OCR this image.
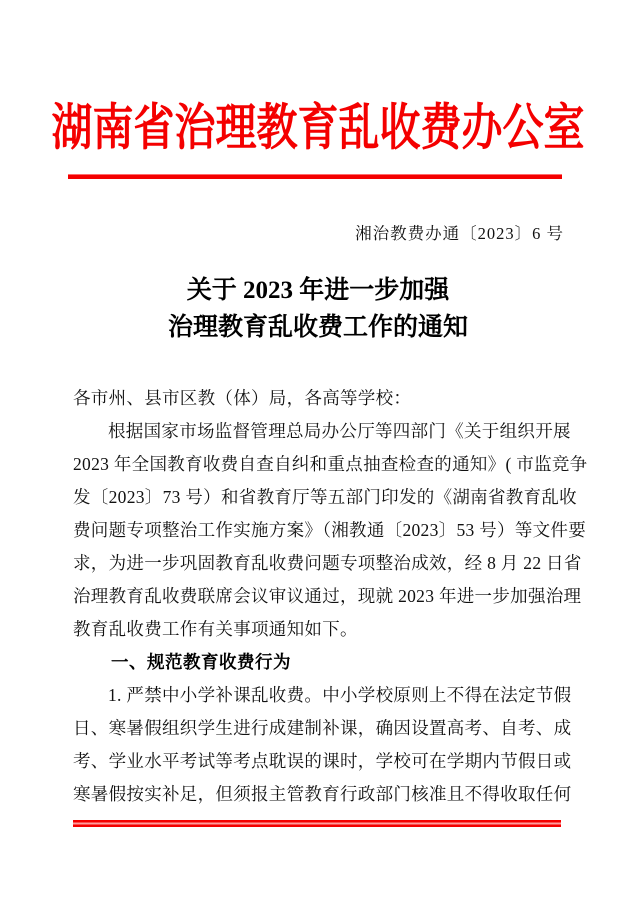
湖南省治理教育乱收费办公室
湘治教费办通〔2023〕6 号
关于 2023 年进一步加强
治理教育乱收费工作的通知
各市州、县市区教（体）局，各高等学校：
根据国家市场监督管理总局办公厅等四部门《关于组织开展
2023 年全国教育收费自查自纠和重点抽查检查的通知》( 市监竞争
发〔2023〕73 号）和省教育厅等五部门印发的《湖南省教育乱收
费问题专项整治工作实施方案》（湘教通〔2023〕53 号）等文件要
求，为进一步巩固教育乱收费问题专项整治成效，经 8 月 22 日省
治理教育乱收费联席会议审议通过，现就 2023 年进一步加强治理
教育乱收费工作有关事项通知如下。
一、规范教育收费行为
1. 严禁中小学补课乱收费。中小学校原则上不得在法定节假
日、寒暑假组织学生进行成建制补课，确因设置高考、自考、成
考、学业水平考试等考点耽误的课时，学校可在学期内节假日或
寒暑假按实补足，但须报主管教育行政部门核准且不得收取任何
